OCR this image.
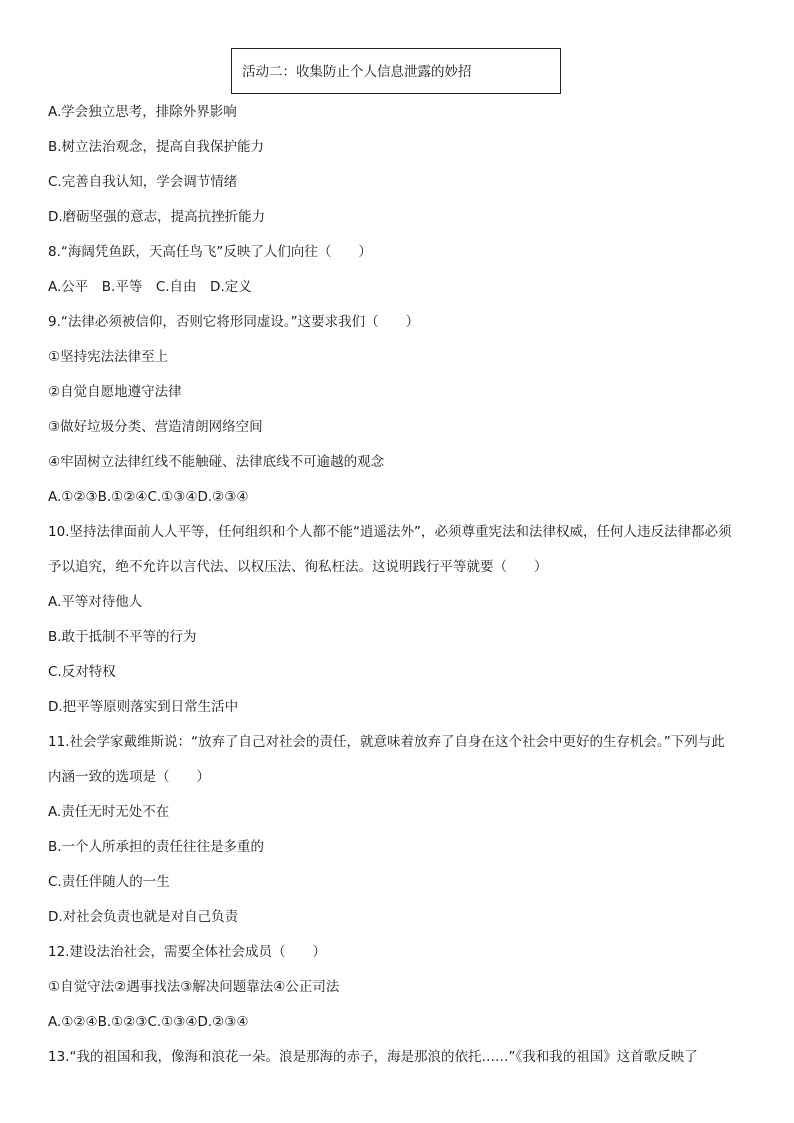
活动二：收集防止个人信息泄露的妙招
A.学会独立思考，排除外界影响
B.树立法治观念，提高自我保护能力
C.完善自我认知，学会调节情绪
D.磨砺坚强的意志，提高抗挫折能力
8.“海阔凭鱼跃，天高任鸟飞”反映了人们向往（　　）
A.公平　B.平等　C.自由　D.定义
9.“法律必须被信仰，否则它将形同虚设。”这要求我们（　　）
①坚持宪法法律至上
②自觉自愿地遵守法律
③做好垃圾分类、营造清朗网络空间
④牢固树立法律红线不能触碰、法律底线不可逾越的观念
A.①②③B.①②④C.①③④D.②③④
10.坚持法律面前人人平等，任何组织和个人都不能“逍遥法外”，必须尊重宪法和法律权威，任何人违反法律都必须
予以追究，绝不允许以言代法、以权压法、徇私枉法。这说明践行平等就要（　　）
A.平等对待他人
B.敢于抵制不平等的行为
C.反对特权
D.把平等原则落实到日常生活中
11.社会学家戴维斯说：“放弃了自己对社会的责任，就意味着放弃了自身在这个社会中更好的生存机会。”下列与此
内涵一致的选项是（　　）
A.责任无时无处不在
B.一个人所承担的责任往往是多重的
C.责任伴随人的一生
D.对社会负责也就是对自己负责
12.建设法治社会，需要全体社会成员（　　）
①自觉守法②遇事找法③解决问题靠法④公正司法
A.①②④B.①②③C.①③④D.②③④
13.“我的祖国和我，像海和浪花一朵。浪是那海的赤子，海是那浪的依托……”《我和我的祖国》这首歌反映了
